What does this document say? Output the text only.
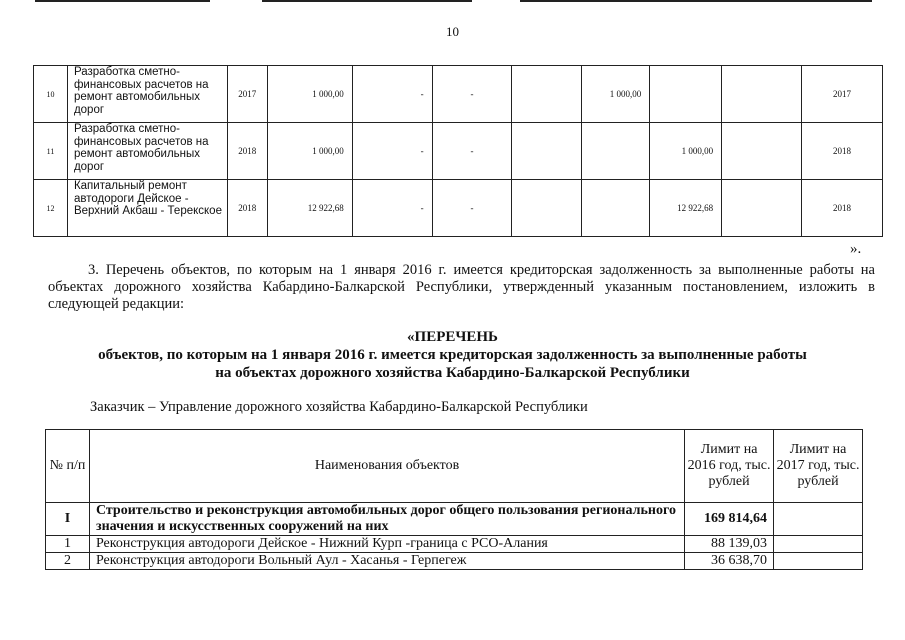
10
10	Разработка сметно-финансовых расчетов на ремонт автомобильных дорог	2017	1 000,00	-	-		1 000,00			2017
11	Разработка сметно-финансовых расчетов на ремонт автомобильных дорог	2018	1 000,00	-	-			1 000,00		2018
12	Капитальный ремонт автодороги Дейское - Верхний Акбаш - Терекское	2018	12 922,68	-	-			12 922,68		2018
».
3. Перечень объектов, по которым на 1 января 2016 г. имеется кредиторская задолженность за выполненные работы на объектах дорожного хозяйства Кабардино-Балкарской Республики, утвержденный указанным постановлением, изложить в следующей редакции:
«ПЕРЕЧЕНЬ
объектов, по которым на 1 января 2016 г. имеется кредиторская задолженность за выполненные работы
на объектах дорожного хозяйства Кабардино-Балкарской Республики
Заказчик – Управление дорожного хозяйства Кабардино-Балкарской Республики
№ п/п	Наименования объектов	Лимит на 2016 год, тыс. рублей	Лимит на 2017 год, тыс. рублей
I	Строительство и реконструкция автомобильных дорог общего пользования регионального значения и искусственных сооружений на них	169 814,64	
1	Реконструкция автодороги Дейское - Нижний Курп -граница с РСО-Алания	88 139,03	
2	Реконструкция автодороги Вольный Аул - Хасанья - Герпегеж	36 638,70	
